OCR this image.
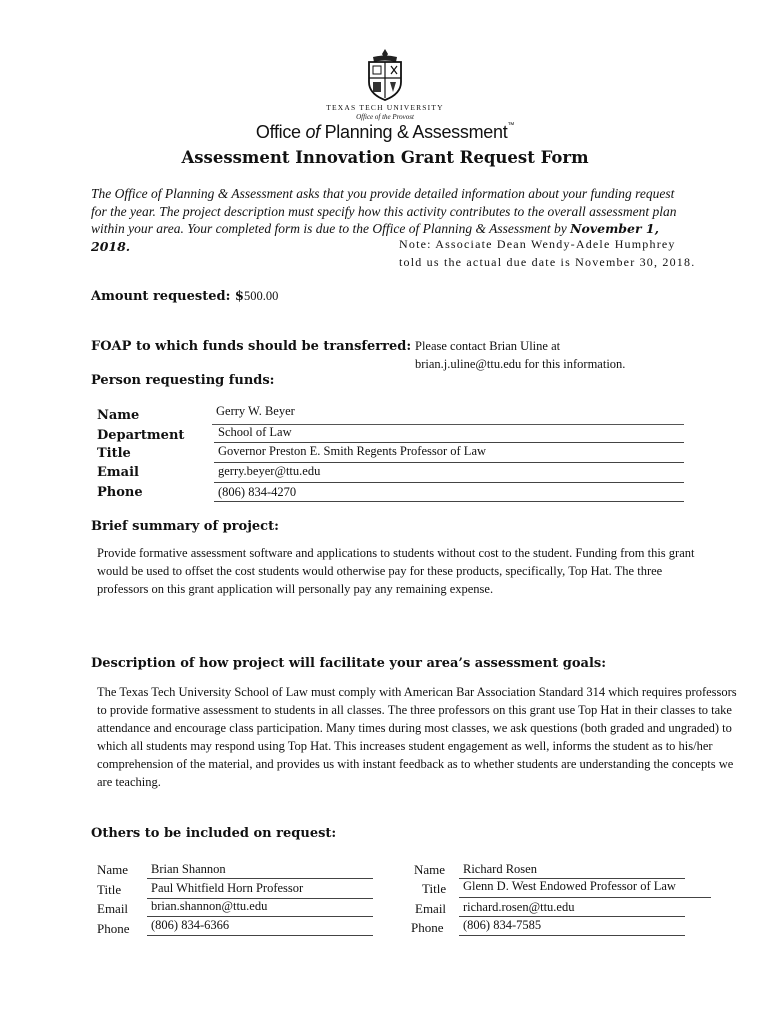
TEXAS TECH UNIVERSITY
Office of the Provost
Office of Planning & Assessment™
Assessment Innovation Grant Request Form
The Office of Planning & Assessment asks that you provide detailed information about your funding request for the year. The project description must specify how this activity contributes to the overall assessment plan within your area. Your completed form is due to the Office of Planning & Assessment by November 1, 2018.	Note: Associate Dean Wendy-Adele Humphrey told us the actual due date is November 30, 2018.
Amount requested: $500.00
FOAP to which funds should be transferred: Please contact Brian Uline at
brian.j.uline@ttu.edu for this information.
Person requesting funds:
Name
Department
Title
Email
Phone
Gerry W. Beyer
School of Law
Governor Preston E. Smith Regents Professor of Law
gerry.beyer@ttu.edu
(806) 834-4270
Brief summary of project:
Provide formative assessment software and applications to students without cost to the student. Funding from this grant would be used to offset the cost students would otherwise pay for these products, specifically, Top Hat. The three professors on this grant application will personally pay any remaining expense.
Description of how project will facilitate your area’s assessment goals:
The Texas Tech University School of Law must comply with American Bar Association Standard 314 which requires professors to provide formative assessment to students in all classes. The three professors on this grant use Top Hat in their classes to take attendance and encourage class participation. Many times during most classes, we ask questions (both graded and ungraded) to which all students may respond using Top Hat. This increases student engagement as well, informs the student as to his/her comprehension of the material, and provides us with instant feedback as to whether students are understanding the concepts we are teaching.
Others to be included on request:
Name
Title
Email
Phone
Brian Shannon
Paul Whitfield Horn Professor
brian.shannon@ttu.edu
(806) 834-6366
Name
Title
Email
Phone
Richard Rosen
Glenn D. West Endowed Professor of Law
richard.rosen@ttu.edu
(806) 834-7585
